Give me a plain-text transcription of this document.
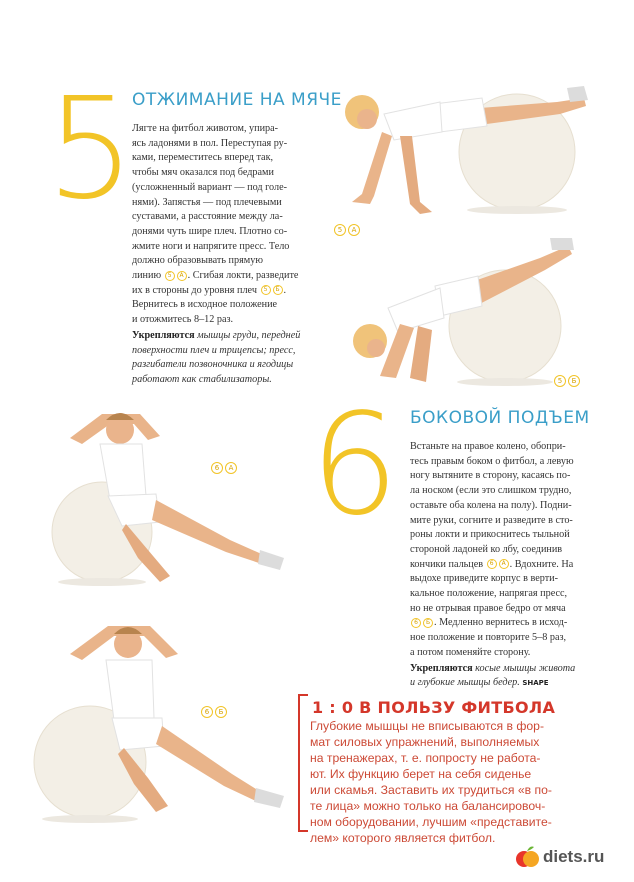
5
ОТЖИМАНИЕ НА МЯЧЕ
Лягте на фитбол животом, упира-
ясь ладонями в пол. Переступая ру-
ками, переместитесь вперед так,
чтобы мяч оказался под бедрами
(усложненный вариант — под голе-
нями). Запястья — под плечевыми
суставами, а расстояние между ла-
донями чуть шире плеч. Плотно со-
жмите ноги и напрягите пресс. Тело
должно образовывать прямую
линию 5 A . Сгибая локти, разведите
их в стороны до уровня плеч 5 Б .
Вернитесь в исходное положение
и отожмитесь 8–12 раз.
Укрепляются мышцы груди, передней
поверхности плеч и трицепсы; пресс,
разгибатели позвоночника и ягодицы
работают как стабилизаторы.
5 A
5 Б
6 БОКОВОЙ ПОДЪЕМ
Встаньте на правое колено, обопри-
тесь правым боком о фитбол, а левую
ногу вытяните в сторону, касаясь по-
ла носком (если это слишком трудно,
оставьте оба колена на полу). Подни-
мите руки, согните и разведите в сто-
роны локти и прикоснитесь тыльной
стороной ладоней ко лбу, соединив
кончики пальцев 6 A . Вдохните. На
выдохе приведите корпус в верти-
кальное положение, напрягая пресс,
но не отрывая правое бедро от мяча
6 Б . Медленно вернитесь в исход-
ное положение и повторите 5–8 раз,
а потом поменяйте сторону.
Укрепляются косые мышцы живота
и глубокие мышцы бедер. SHAPE
6 A
6 Б	1 : 0 В ПОЛЬЗУ ФИТБОЛА
Глубокие мышцы не вписываются в фор-
мат силовых упражнений, выполняемых
на тренажерах, т. е. попросту не работа-
ют. Их функцию берет на себя сиденье
или скамья. Заставить их трудиться «в по-
те лица» можно только на балансировоч-
ном оборудовании, лучшим «представите-
лем» которого является фитбол.
diets.ru
